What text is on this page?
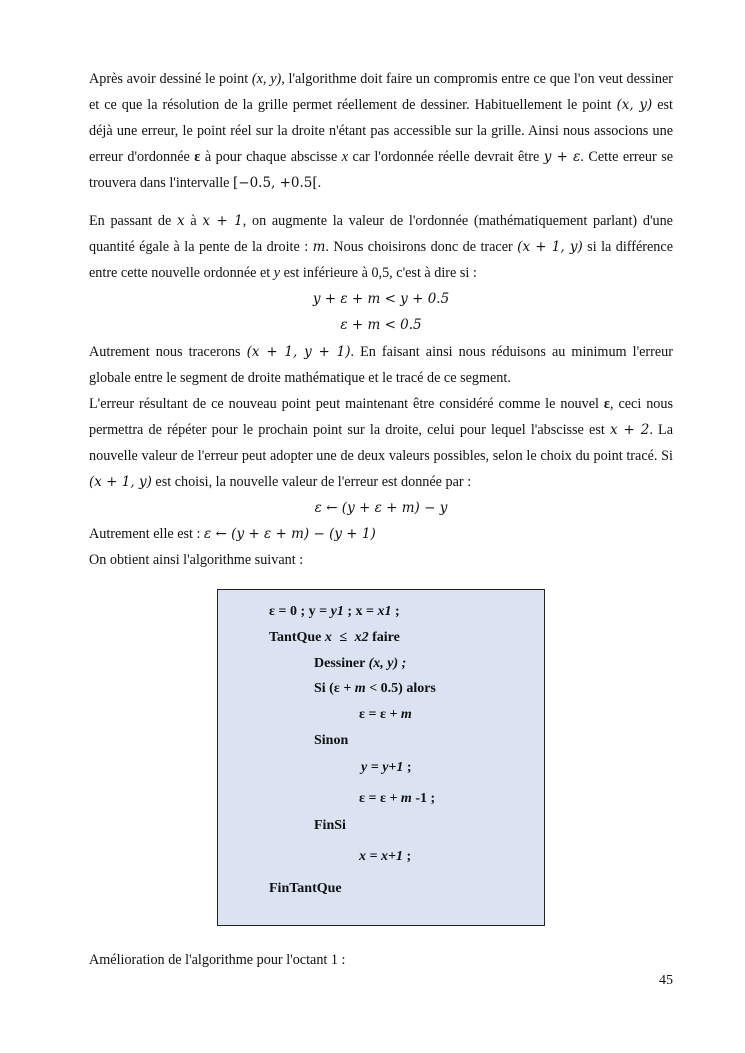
Après avoir dessiné le point (x, y), l'algorithme doit faire un compromis entre ce que l'on veut dessiner et ce que la résolution de la grille permet réellement de dessiner. Habituellement le point (x, y) est déjà une erreur, le point réel sur la droite n'étant pas accessible sur la grille. Ainsi nous associons une erreur d'ordonnée ε à pour chaque abscisse x car l'ordonnée réelle devrait être y + ε. Cette erreur se trouvera dans l'intervalle [−0.5, +0.5[.

En passant de x à x + 1, on augmente la valeur de l'ordonnée (mathématiquement parlant) d'une quantité égale à la pente de la droite : m. Nous choisirons donc de tracer (x + 1, y) si la différence entre cette nouvelle ordonnée et y est inférieure à 0,5, c'est à dire si :

y + ε + m < y + 0.5

ε + m < 0.5

Autrement nous tracerons (x + 1, y + 1). En faisant ainsi nous réduisons au minimum l'erreur globale entre le segment de droite mathématique et le tracé de ce segment.

L'erreur résultant de ce nouveau point peut maintenant être considéré comme le nouvel ε, ceci nous permettra de répéter pour le prochain point sur la droite, celui pour lequel l'abscisse est x + 2. La nouvelle valeur de l'erreur peut adopter une de deux valeurs possibles, selon le choix du point tracé. Si (x + 1, y) est choisi, la nouvelle valeur de l'erreur est donnée par :

ε ← (y + ε + m) − y

Autrement elle est : ε ← (y + ε + m) − (y + 1)

On obtient ainsi l'algorithme suivant :

ε = 0 ; y = y1 ; x = x1 ;
TantQue x ≤ x2 faire
Dessiner (x, y) ;
Si (ε + m < 0.5) alors
ε = ε + m
Sinon
y = y+1 ;
ε = ε + m -1 ;
FinSi
x = x+1 ;
FinTantQue

Amélioration de l'algorithme pour l'octant 1 :

45
